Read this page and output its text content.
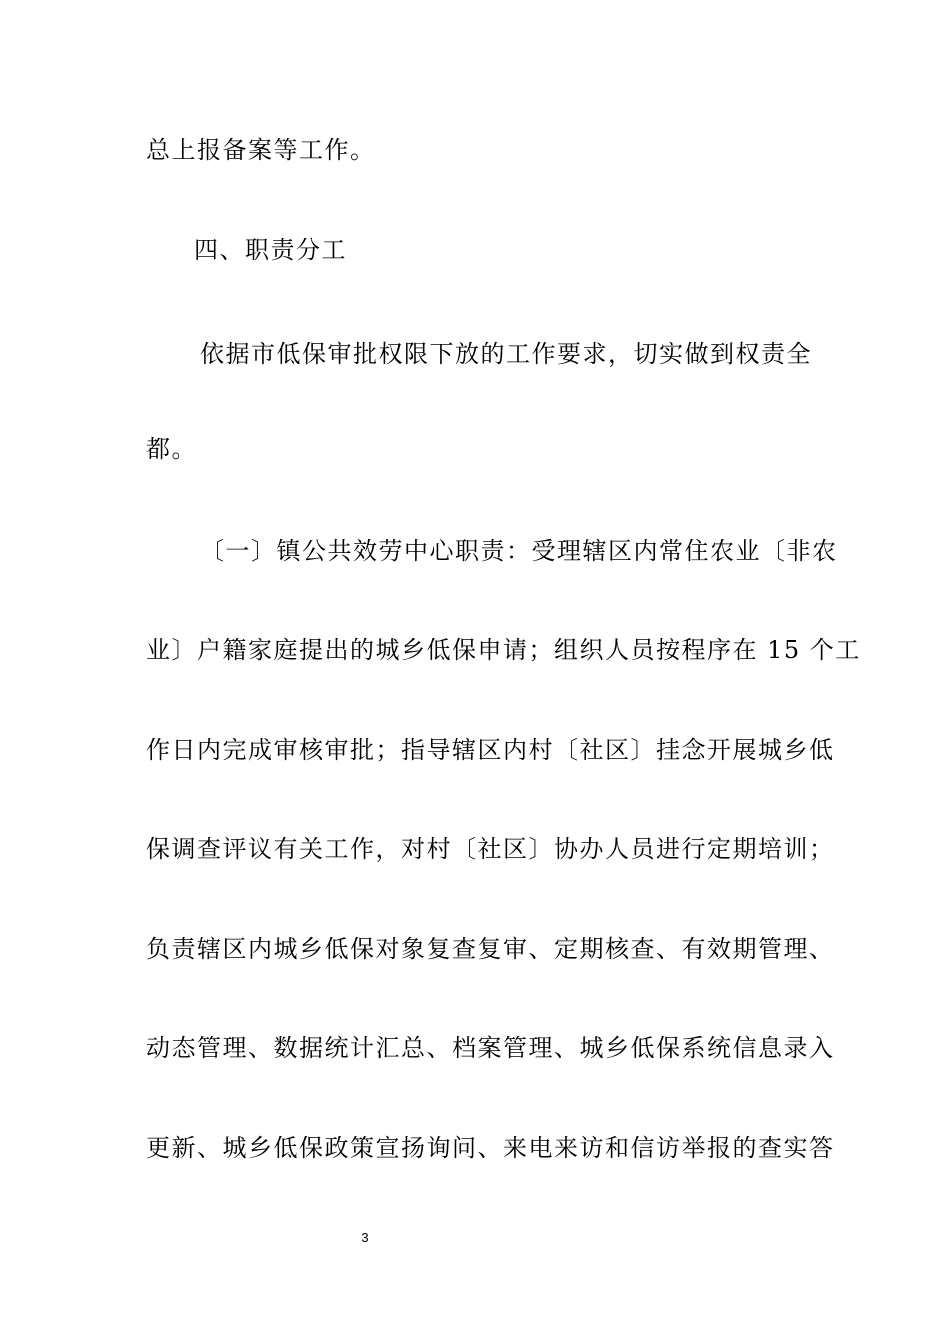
总上报备案等工作。
四、职责分工
依据市低保审批权限下放的工作要求，切实做到权责全
都。
〔一〕镇公共效劳中心职责：受理辖区内常住农业〔非农
业〕户籍家庭提出的城乡低保申请；组织人员按程序在 15 个工
作日内完成审核审批；指导辖区内村〔社区〕挂念开展城乡低
保调查评议有关工作，对村〔社区〕协办人员进行定期培训；
负责辖区内城乡低保对象复查复审、定期核查、有效期管理、
动态管理、数据统计汇总、档案管理、城乡低保系统信息录入
更新、城乡低保政策宣扬询问、来电来访和信访举报的查实答
3
